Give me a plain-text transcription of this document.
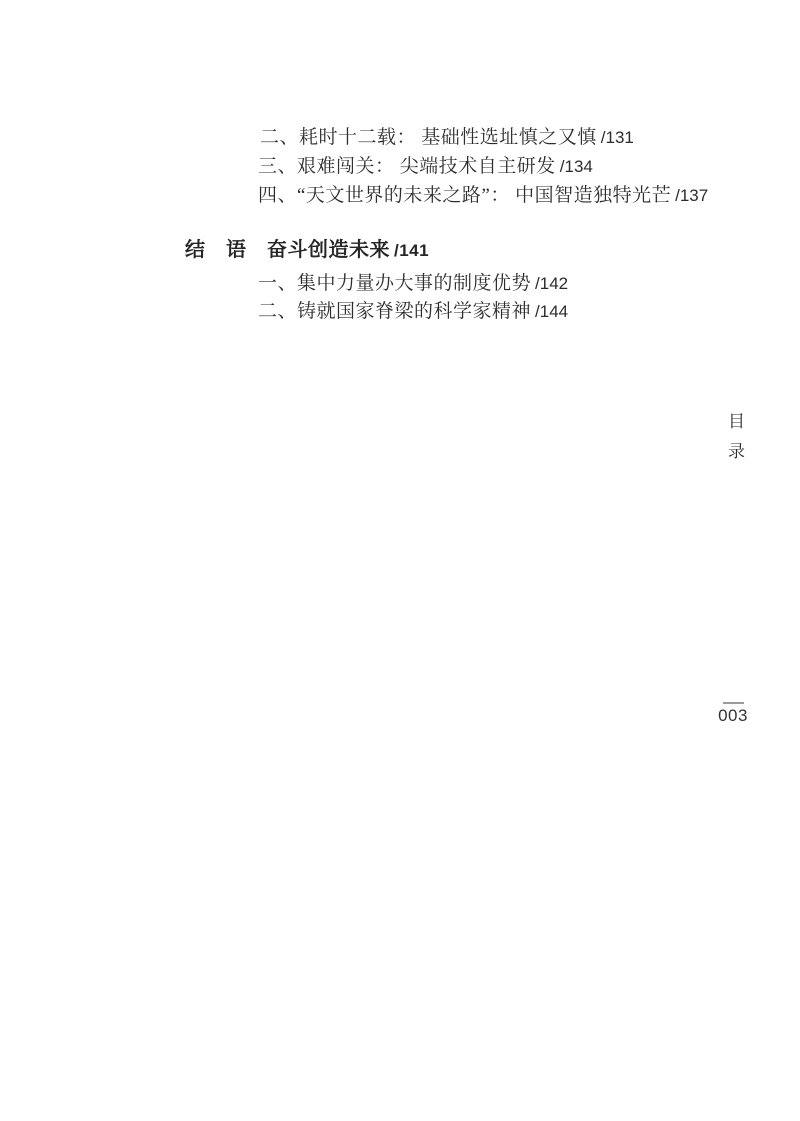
二、耗时十二载： 基础性选址慎之又慎 /131
三、艰难闯关： 尖端技术自主研发 /134
四、“天文世界的未来之路”： 中国智造独特光芒 /137
结　语　奋斗创造未来 /141
一、集中力量办大事的制度优势 /142
二、铸就国家脊梁的科学家精神 /144
目录
003
